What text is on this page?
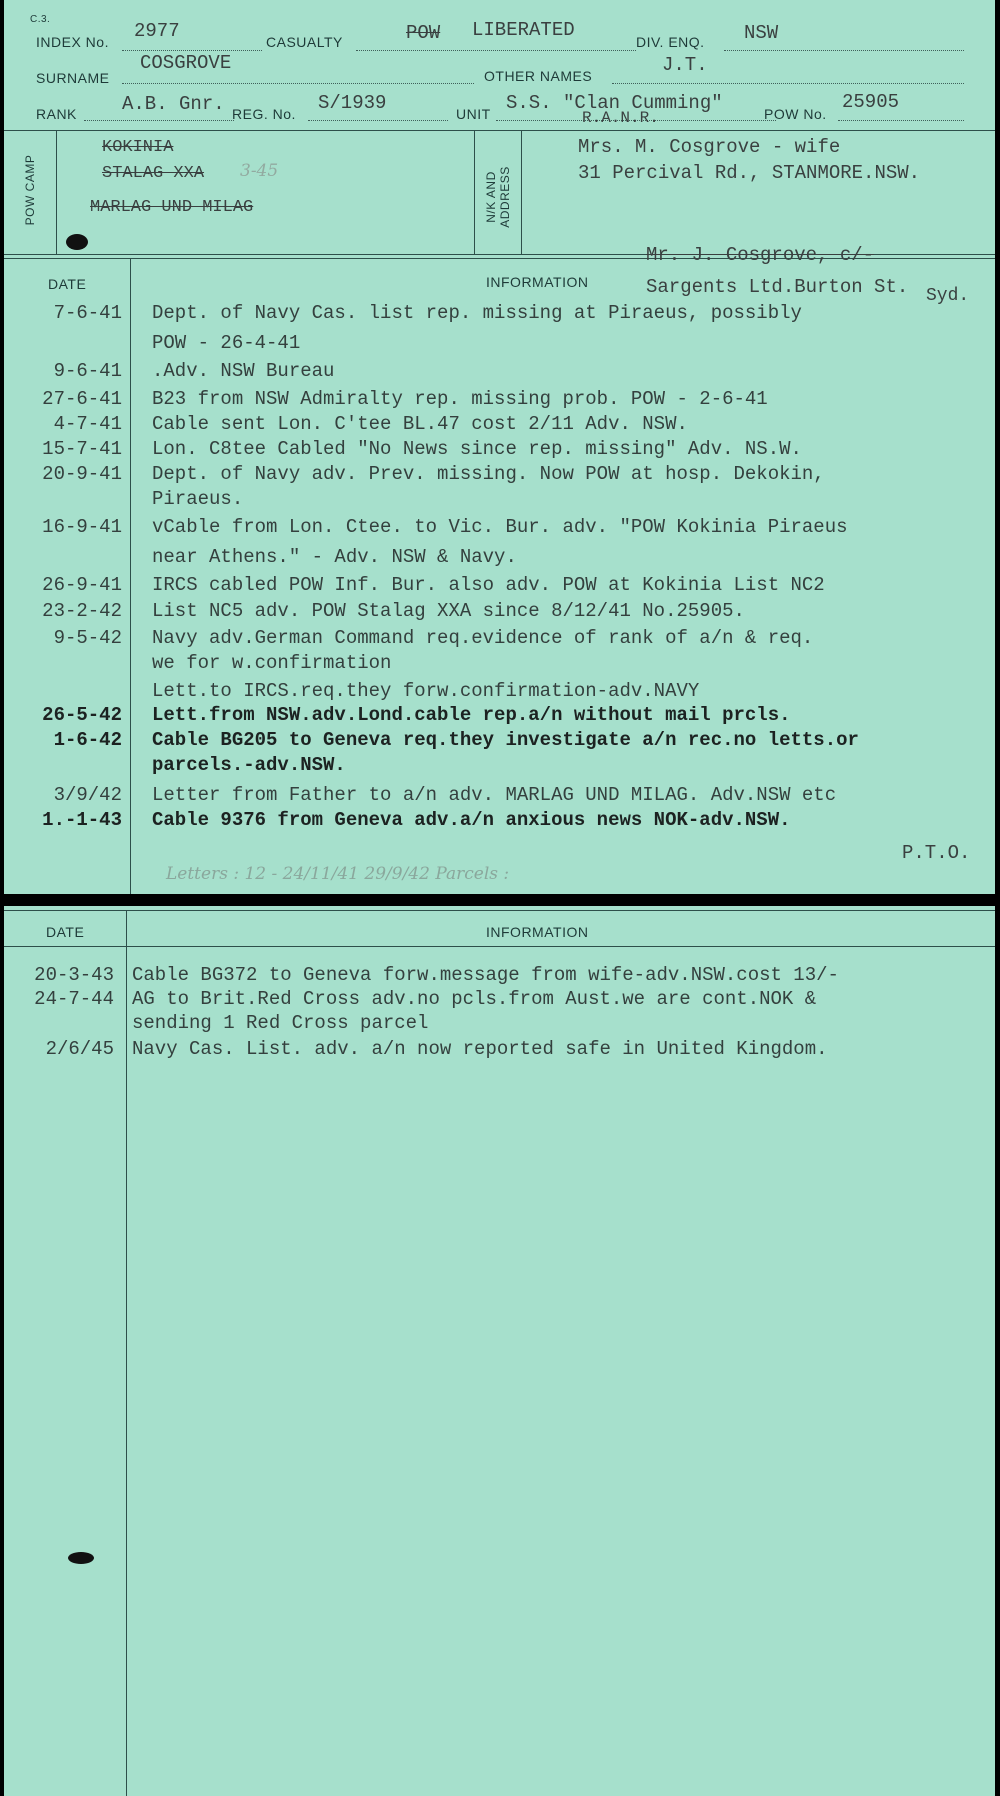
C.3.
INDEX No. 2977	CASUALTY	POW LIBERATED
DIV. ENQ. NSW
SURNAME
COSGROVE
OTHER NAMES	J.T.
RANK A.B. Gnr. REG. No. S/1939	UNIT S.S. "Clan Cumming"
R.A.N.R.	POW No.
25905
POW CAMP	N/K AND ADDRESS
KOKINIA
STALAG XXA 3-45
MARLAG UND MILAG
Mrs. M. Cosgrove - wife
31 Percival Rd., STANMORE.NSW.
Mr. J. Cosgrove, c/-
Sargents Ltd.Burton St. Syd.
DATE	INFORMATION
7-6-41 Dept. of Navy Cas. list rep. missing at Piraeus, possibly
POW - 26-4-41
9-6-41 .Adv. NSW Bureau
27-6-41 B23 from NSW Admiralty rep. missing prob. POW - 2-6-41
4-7-41 Cable sent Lon. C'tee BL.47 cost 2/11 Adv. NSW.
15-7-41 Lon. C8tee Cabled "No News since rep. missing" Adv. NS.W.
20-9-41 Dept. of Navy adv. Prev. missing. Now POW at hosp. Dekokin,
Piraeus.
16-9-41 vCable from Lon. Ctee. to Vic. Bur. adv. "POW Kokinia Piraeus
near Athens." - Adv. NSW & Navy.
26-9-41 IRCS cabled POW Inf. Bur. also adv. POW at Kokinia List NC2
23-2-42 List NC5 adv. POW Stalag XXA since 8/12/41 No.25905.
9-5-42 Navy adv.German Command req.evidence of rank of a/n & req.
we for w.confirmation
Lett.to IRCS.req.they forw.confirmation-adv.NAVY
26-5-42 Lett.from NSW.adv.Lond.cable rep.a/n without mail prcls.
1-6-42 Cable BG205 to Geneva req.they investigate a/n rec.no letts.or
parcels.-adv.NSW.
3/9/42 Letter from Father to a/n adv. MARLAG UND MILAG. Adv.NSW etc
1.-1-43 Cable 9376 from Geneva adv.a/n anxious news NOK-adv.NSW.
P.T.O.
Letters : 12 - 24/11/41 29/9/42 Parcels :
DATE	INFORMATION
20-3-43 Cable BG372 to Geneva forw.message from wife-adv.NSW.cost 13/-
24-7-44 AG to Brit.Red Cross adv.no pcls.from Aust.we are cont.NOK &
sending 1 Red Cross parcel
2/6/45 Navy Cas. List. adv. a/n now reported safe in United Kingdom.
